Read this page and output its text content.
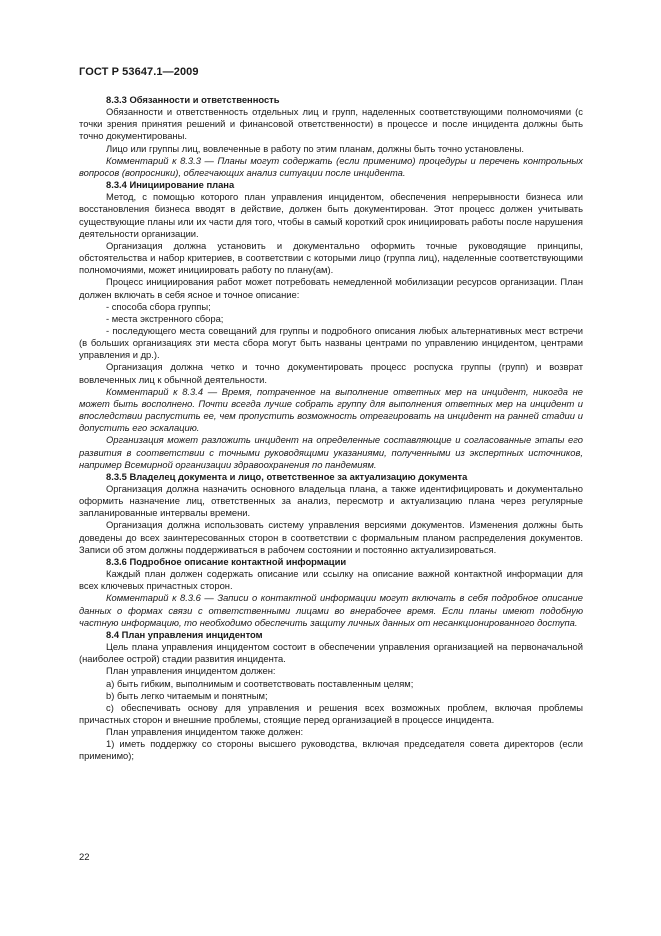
ГОСТ Р 53647.1—2009

8.3.3 Обязанности и ответственность

Обязанности и ответственность отдельных лиц и групп, наделенных соответствующими полномочиями (с точки зрения принятия решений и финансовой ответственности) в процессе и после инцидента должны быть точно документированы.

Лицо или группы лиц, вовлеченные в работу по этим планам, должны быть точно установлены.

Комментарий к 8.3.3 — Планы могут содержать (если применимо) процедуры и перечень контрольных вопросов (вопросники), облегчающих анализ ситуации после инцидента.

8.3.4 Инициирование плана

Метод, с помощью которого план управления инцидентом, обеспечения непрерывности бизнеса или восстановления бизнеса вводят в действие, должен быть документирован. Этот процесс должен учитывать существующие планы или их части для того, чтобы в самый короткий срок инициировать работы после нарушения деятельности организации.

Организация должна установить и документально оформить точные руководящие принципы, обстоятельства и набор критериев, в соответствии с которыми лицо (группа лиц), наделенные соответствующими полномочиями, может инициировать работу по плану(ам).

Процесс инициирования работ может потребовать немедленной мобилизации ресурсов организации. План должен включать в себя ясное и точное описание:

- способа сбора группы;

- места экстренного сбора;

- последующего места совещаний для группы и подробного описания любых альтернативных мест встречи (в больших организациях эти места сбора могут быть названы центрами по управлению инцидентом, центрами управления и др.).

Организация должна четко и точно документировать процесс роспуска группы (групп) и возврат вовлеченных лиц к обычной деятельности.

Комментарий к 8.3.4 — Время, потраченное на выполнение ответных мер на инцидент, никогда не может быть восполнено. Почти всегда лучше собрать группу для выполнения ответных мер на инцидент и впоследствии распустить ее, чем пропустить возможность отреагировать на инцидент на ранней стадии и допустить его эскалацию.

Организация может разложить инцидент на определенные составляющие и согласованные этапы его развития в соответствии с точными руководящими указаниями, полученными из экспертных источников, например Всемирной организации здравоохранения по пандемиям.

8.3.5 Владелец документа и лицо, ответственное за актуализацию документа

Организация должна назначить основного владельца плана, а также идентифицировать и документально оформить назначение лиц, ответственных за анализ, пересмотр и актуализацию плана через регулярные запланированные интервалы времени.

Организация должна использовать систему управления версиями документов. Изменения должны быть доведены до всех заинтересованных сторон в соответствии с формальным планом распределения документов. Записи об этом должны поддерживаться в рабочем состоянии и постоянно актуализироваться.

8.3.6 Подробное описание контактной информации

Каждый план должен содержать описание или ссылку на описание важной контактной информации для всех ключевых причастных сторон.

Комментарий к 8.3.6 — Записи о контактной информации могут включать в себя подробное описание данных о формах связи с ответственными лицами во внерабочее время. Если планы имеют подобную частную информацию, то необходимо обеспечить защиту личных данных от несанкционированного доступа.

8.4 План управления инцидентом

Цель плана управления инцидентом состоит в обеспечении управления организацией на первоначальной (наиболее острой) стадии развития инцидента.

План управления инцидентом должен:

а) быть гибким, выполнимым и соответствовать поставленным целям;

b) быть легко читаемым и понятным;

c) обеспечивать основу для управления и решения всех возможных проблем, включая проблемы причастных сторон и внешние проблемы, стоящие перед организацией в процессе инцидента.

План управления инцидентом также должен:

1) иметь поддержку со стороны высшего руководства, включая председателя совета директоров (если применимо);

22
